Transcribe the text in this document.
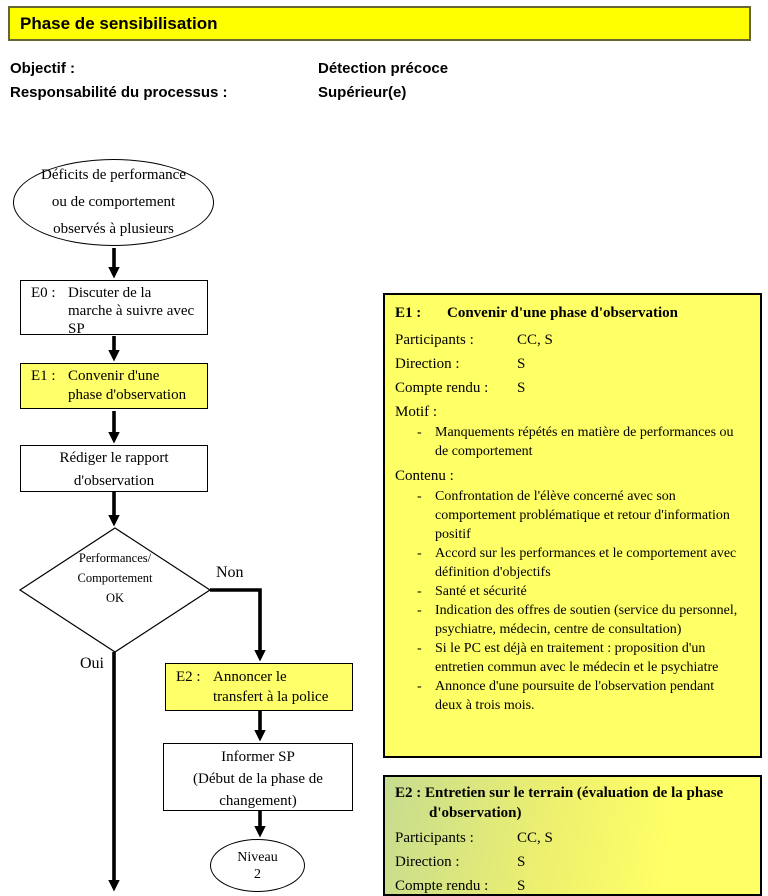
Phase de sensibilisation
Objectif :	Détection précoce
Responsabilité du processus :	Supérieur(e)
Déficits de performance
ou de comportement
observés à plusieurs
E0 : Discuter de la
marche à suivre avec
SP
E1 : Convenir d'une
phase d'observation
Rédiger le rapport
d'observation
Performances/
Comportement
OK
Non
Oui
E2 : Annoncer le
transfert à la police
Informer SP
(Début de la phase de
changement)
Niveau
2
E1 : Convenir d'une phase d'observation
Participants :	CC, S
Direction :	S
Compte rendu : S
Motif :
- Manquements répétés en matière de performances ou de comportement
Contenu :
- Confrontation de l'élève concerné avec son comportement problématique et retour d'information positif
- Accord sur les performances et le comportement avec définition d'objectifs
- Santé et sécurité
- Indication des offres de soutien (service du personnel, psychiatre, médecin, centre de consultation)
- Si le PC est déjà en traitement : proposition d'un entretien commun avec le médecin et le psychiatre
- Annonce d'une poursuite de l'observation pendant deux à trois mois.
E2 : Entretien sur le terrain (évaluation de la phase d'observation)
Participants :	CC, S
Direction :	S
Compte rendu : S
